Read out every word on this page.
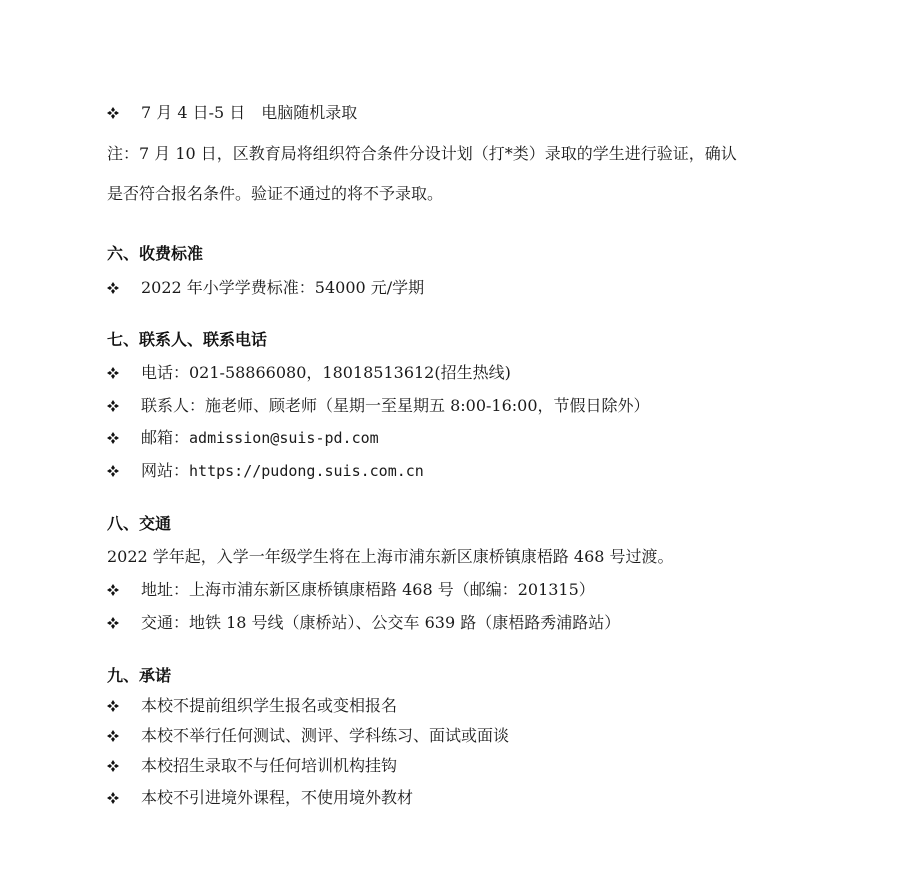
7 月 4 日-5 日　电脑随机录取
注：7 月 10 日，区教育局将组织符合条件分设计划（打*类）录取的学生进行验证，确认
是否符合报名条件。验证不通过的将不予录取。
六、收费标准
2022 年小学学费标准：54000 元/学期
七、联系人、联系电话
电话：021-58866080，18018513612(招生热线)
联系人：施老师、顾老师（星期一至星期五 8:00-16:00，节假日除外）
邮箱： admission@suis-pd.com
网站： https://pudong.suis.com.cn
八、交通
2022 学年起，入学一年级学生将在上海市浦东新区康桥镇康梧路 468 号过渡。
地址：上海市浦东新区康桥镇康梧路 468 号（邮编：201315）
交通：地铁 18 号线（康桥站）、公交车 639 路（康梧路秀浦路站）
九、承诺
本校不提前组织学生报名或变相报名
本校不举行任何测试、测评、学科练习、面试或面谈
本校招生录取不与任何培训机构挂钩
本校不引进境外课程，不使用境外教材
